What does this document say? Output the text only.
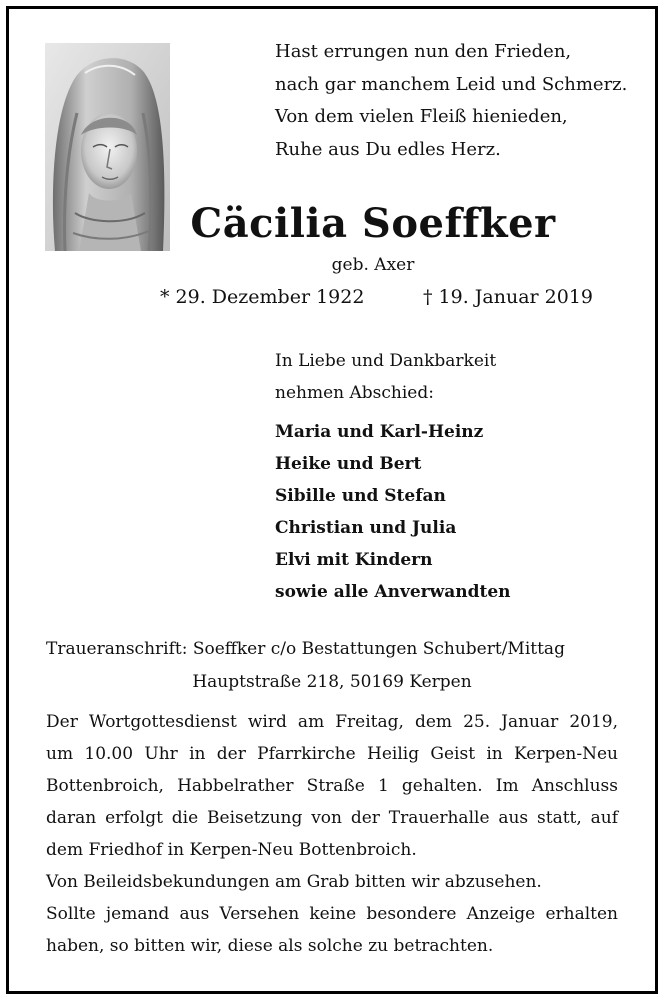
Hast errungen nun den Frieden,
nach gar manchem Leid und Schmerz.
Von dem vielen Fleiß hienieden,
Ruhe aus Du edles Herz.
Cäcilia Soeffker
geb. Axer
* 29. Dezember 1922	† 19. Januar 2019
In Liebe und Dankbarkeit
nehmen Abschied:
Maria und Karl-Heinz
Heike und Bert
Sibille und Stefan
Christian und Julia
Elvi mit Kindern
sowie alle Anverwandten
Traueranschrift: Soeffker c/o Bestattungen Schubert/Mittag
Hauptstraße 218, 50169 Kerpen
Der Wortgottesdienst wird am Freitag, dem 25. Januar 2019,
um 10.00 Uhr in der Pfarrkirche Heilig Geist in Kerpen-Neu
Bottenbroich, Habbelrather Straße 1 gehalten. Im Anschluss
daran erfolgt die Beisetzung von der Trauerhalle aus statt, auf
dem Friedhof in Kerpen-Neu Bottenbroich.
Von Beileidsbekundungen am Grab bitten wir abzusehen.
Sollte jemand aus Versehen keine besondere Anzeige erhalten
haben, so bitten wir, diese als solche zu betrachten.
